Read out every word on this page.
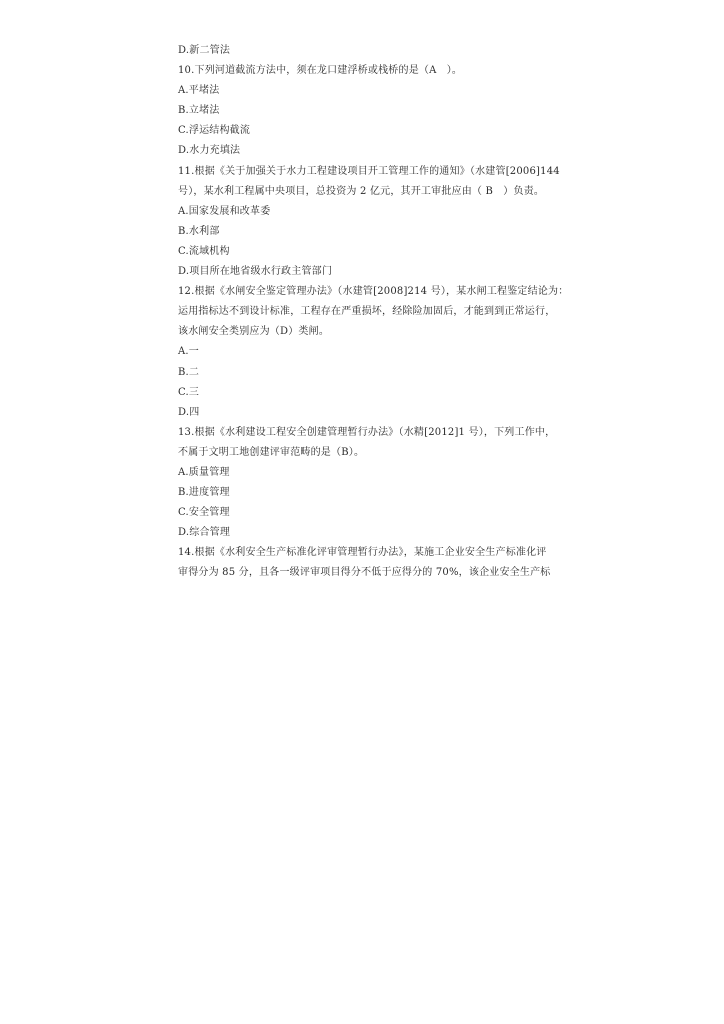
D.新二管法
10.下列河道截流方法中，须在龙口建浮桥或栈桥的是（A　）。
A.平堵法
B.立堵法
C.浮运结构截流
D.水力充填法
11.根据《关于加强关于水力工程建设项目开工管理工作的通知》（水建管[2006]144
号），某水利工程属中央项目，总投资为 2 亿元，其开工审批应由（ B　）负责。
A.国家发展和改革委
B.水利部
C.流域机构
D.项目所在地省级水行政主管部门
12.根据《水闸安全鉴定管理办法》（水建管[2008]214 号），某水闸工程鉴定结论为：
运用指标达不到设计标准，工程存在严重损坏，经除险加固后，才能到到正常运行，
该水闸安全类别应为（D）类闸。
A.一
B.二
C.三
D.四
13.根据《水利建设工程安全创建管理暂行办法》（水精[2012]1 号），下列工作中，
不属于文明工地创建评审范畴的是（B）。
A.质量管理
B.进度管理
C.安全管理
D.综合管理
14.根据《水利安全生产标准化评审管理暂行办法》，某施工企业安全生产标准化评
审得分为 85 分，且各一级评审项目得分不低于应得分的 70%，该企业安全生产标
